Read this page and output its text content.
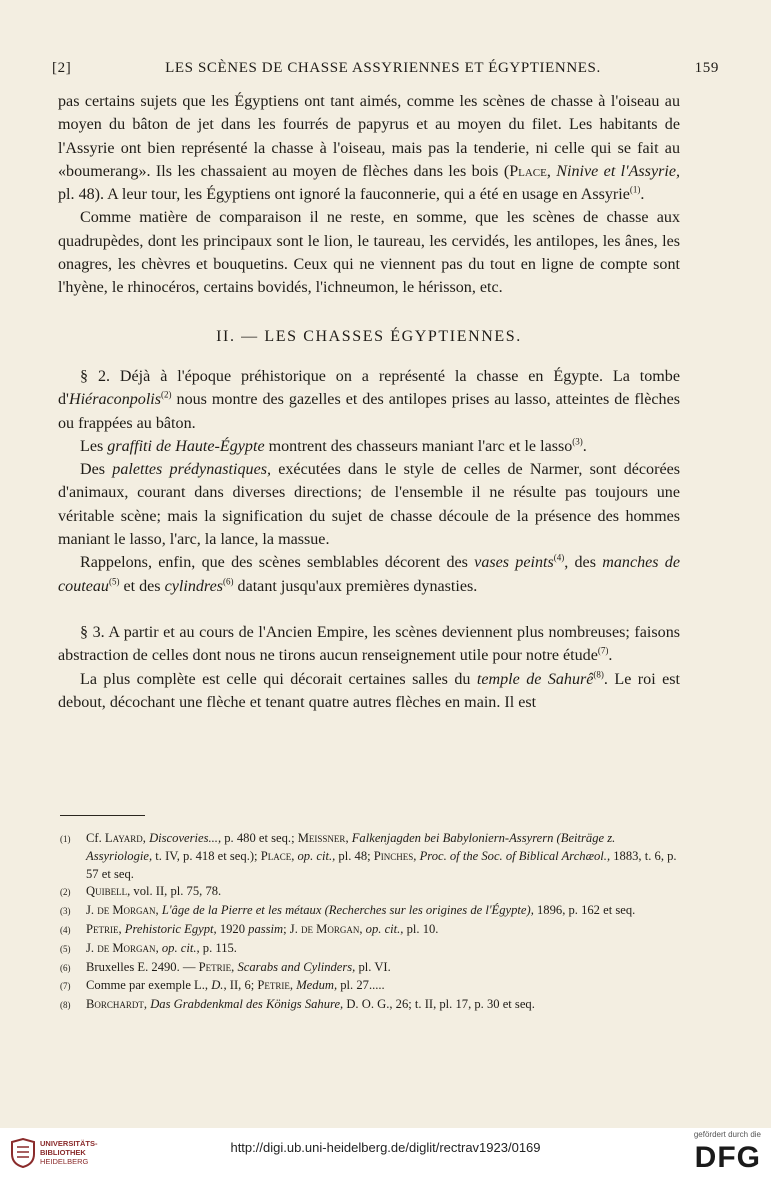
[2]	LES SCÈNES DE CHASSE ASSYRIENNES ET ÉGYPTIENNES.	159

pas certains sujets que les Égyptiens ont tant aimés, comme les scènes de chasse à l'oiseau au moyen du bâton de jet dans les fourrés de papyrus et au moyen du filet. Les habitants de l'Assyrie ont bien représenté la chasse à l'oiseau, mais pas la tenderie, ni celle qui se fait au «boumerang». Ils les chassaient au moyen de flèches dans les bois (Place, Ninive et l'Assyrie, pl. 48). A leur tour, les Égyptiens ont ignoré la fauconnerie, qui a été en usage en Assyrie$^{(1)}$.

Comme matière de comparaison il ne reste, en somme, que les scènes de chasse aux quadrupèdes, dont les principaux sont le lion, le taureau, les cervidés, les antilopes, les ânes, les onagres, les chèvres et bouquetins. Ceux qui ne viennent pas du tout en ligne de compte sont l'hyène, le rhinocéros, certains bovidés, l'ichneumon, le hérisson, etc.

II. — LES CHASSES ÉGYPTIENNES.

§ 2. Déjà à l'époque préhistorique on a représenté la chasse en Égypte. La tombe d'Hiéraconpolis$^{(2)}$ nous montre des gazelles et des antilopes prises au lasso, atteintes de flèches ou frappées au bâton.

Les graffiti de Haute-Égypte montrent des chasseurs maniant l'arc et le lasso$^{(3)}$.

Des palettes prédynastiques, exécutées dans le style de celles de Narmer, sont décorées d'animaux, courant dans diverses directions; de l'ensemble il ne résulte pas toujours une véritable scène; mais la signification du sujet de chasse découle de la présence des hommes maniant le lasso, l'arc, la lance, la massue.

Rappelons, enfin, que des scènes semblables décorent des vases peints$^{(4)}$, des manches de couteau$^{(5)}$ et des cylindres$^{(6)}$ datant jusqu'aux premières dynasties.

§ 3. A partir et au cours de l'Ancien Empire, les scènes deviennent plus nombreuses; faisons abstraction de celles dont nous ne tirons aucun renseignement utile pour notre étude$^{(7)}$.

La plus complète est celle qui décorait certaines salles du temple de Sahurê$^{(8)}$. Le roi est debout, décochant une flèche et tenant quatre autres flèches en main. Il est

(1)	Cf. Layard, Discoveries..., p. 480 et seq.; Meissner, Falkenjagden bei Babyloniern-Assyrern (Beiträge z. Assyriologie, t. IV, p. 418 et seq.); Place, op. cit., pl. 48; Pinches, Proc. of the Soc. of Biblical Archæol., 1883, t. 6, p. 57 et seq.
(2)	Quibell, vol. II, pl. 75, 78.
(3)	J. de Morgan, L'âge de la Pierre et les métaux (Recherches sur les origines de l'Égypte), 1896, p. 162 et seq.
(4)	Petrie, Prehistoric Egypt, 1920 passim; J. de Morgan, op. cit., pl. 10.
(5)	J. de Morgan, op. cit., p. 115.
(6)	Bruxelles E. 2490. — Petrie, Scarabs and Cylinders, pl. VI.
(7)	Comme par exemple L., D., II, 6; Petrie, Medum, pl. 27.....
(8)	Borchardt, Das Grabdenkmal des Königs Sahure, D. O. G., 26; t. II, pl. 17, p. 30 et seq.
UNIVERSITÄTS-
BIBLIOTHEK
HEIDELBERG
http://digi.ub.uni-heidelberg.de/diglit/rectrav1923/0169
gefördert durch die
DFG
